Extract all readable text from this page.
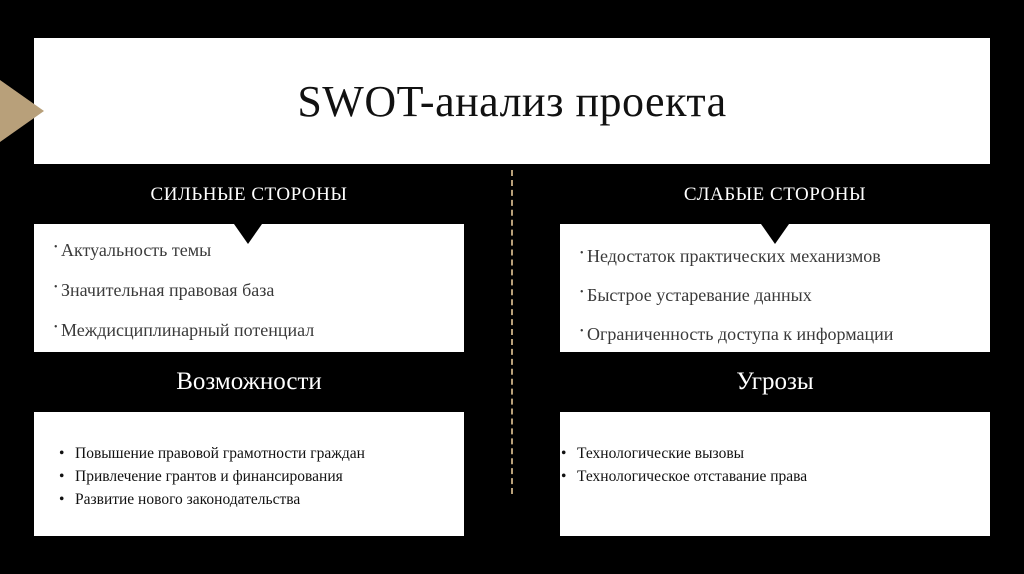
SWOT-анализ проекта
СИЛЬНЫЕ СТОРОНЫ
• Актуальность темы
• Значительная правовая база
• Междисциплинарный потенциал
СЛАБЫЕ СТОРОНЫ
• Недостаток практических механизмов
• Быстрое устаревание данных
• Ограниченность доступа к информации
Возможности
• Повышение правовой грамотности граждан
• Привлечение грантов и финансирования
• Развитие нового законодательства
Угрозы
• Технологические вызовы
• Технологическое отставание права
